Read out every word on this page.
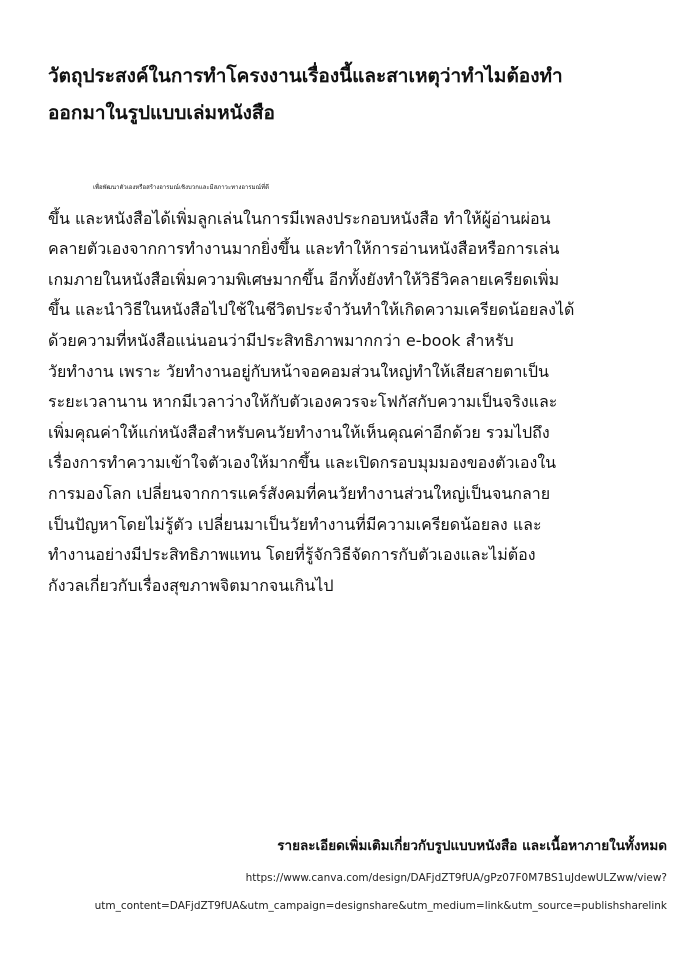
วัตถุประสงค์ในการทำโครงงานเรื่องนี้และสาเหตุว่าทำไมต้องทำ
ออกมาในรูปแบบเล่มหนังสือ
เพื่อพัฒนาตัวเองหรือสร้างอารมณ์เชิงบวกและมีสภาวะทางอารมณ์ที่ดี
ขึ้น และหนังสือได้เพิ่มลูกเล่นในการมีเพลงประกอบหนังสือ ทำให้ผู้อ่านผ่อน
คลายตัวเองจากการทำงานมากยิ่งขึ้น และทำให้การอ่านหนังสือหรือการเล่น
เกมภายในหนังสือเพิ่มความพิเศษมากขึ้น อีกทั้งยังทำให้วิธีวิคลายเครียดเพิ่ม
ขึ้น และนำวิธีในหนังสือไปใช้ในชีวิตประจำวันทำให้เกิดความเครียดน้อยลงได้
ด้วยความที่หนังสือแน่นอนว่ามีประสิทธิภาพมากกว่า e-book สำหรับ
วัยทำงาน เพราะ วัยทำงานอยู่กับหน้าจอคอมส่วนใหญ่ทำให้เสียสายตาเป็น
ระยะเวลานาน หากมีเวลาว่างให้กับตัวเองควรจะโฟกัสกับความเป็นจริงและ
เพิ่มคุณค่าให้แก่หนังสือสำหรับคนวัยทำงานให้เห็นคุณค่าอีกด้วย รวมไปถึง
เรื่องการทำความเข้าใจตัวเองให้มากขึ้น และเปิดกรอบมุมมองของตัวเองใน
การมองโลก เปลี่ยนจากการแคร์สังคมที่คนวัยทำงานส่วนใหญ่เป็นจนกลาย
เป็นปัญหาโดยไม่รู้ตัว เปลี่ยนมาเป็นวัยทำงานที่มีความเครียดน้อยลง และ
ทำงานอย่างมีประสิทธิภาพแทน โดยที่รู้จักวิธีจัดการกับตัวเองและไม่ต้อง
กังวลเกี่ยวกับเรื่องสุขภาพจิตมากจนเกินไป

รายละเอียดเพิ่มเติมเกี่ยวกับรูปแบบหนังสือ และเนื้อหาภายในทั้งหมด

https://www.canva.com/design/DAFjdZT9fUA/gPz07F0M7BS1uJdewULZww/view?

utm_content=DAFjdZT9fUA&utm_campaign=designshare&utm_medium=link&utm_source=publishsharelink
